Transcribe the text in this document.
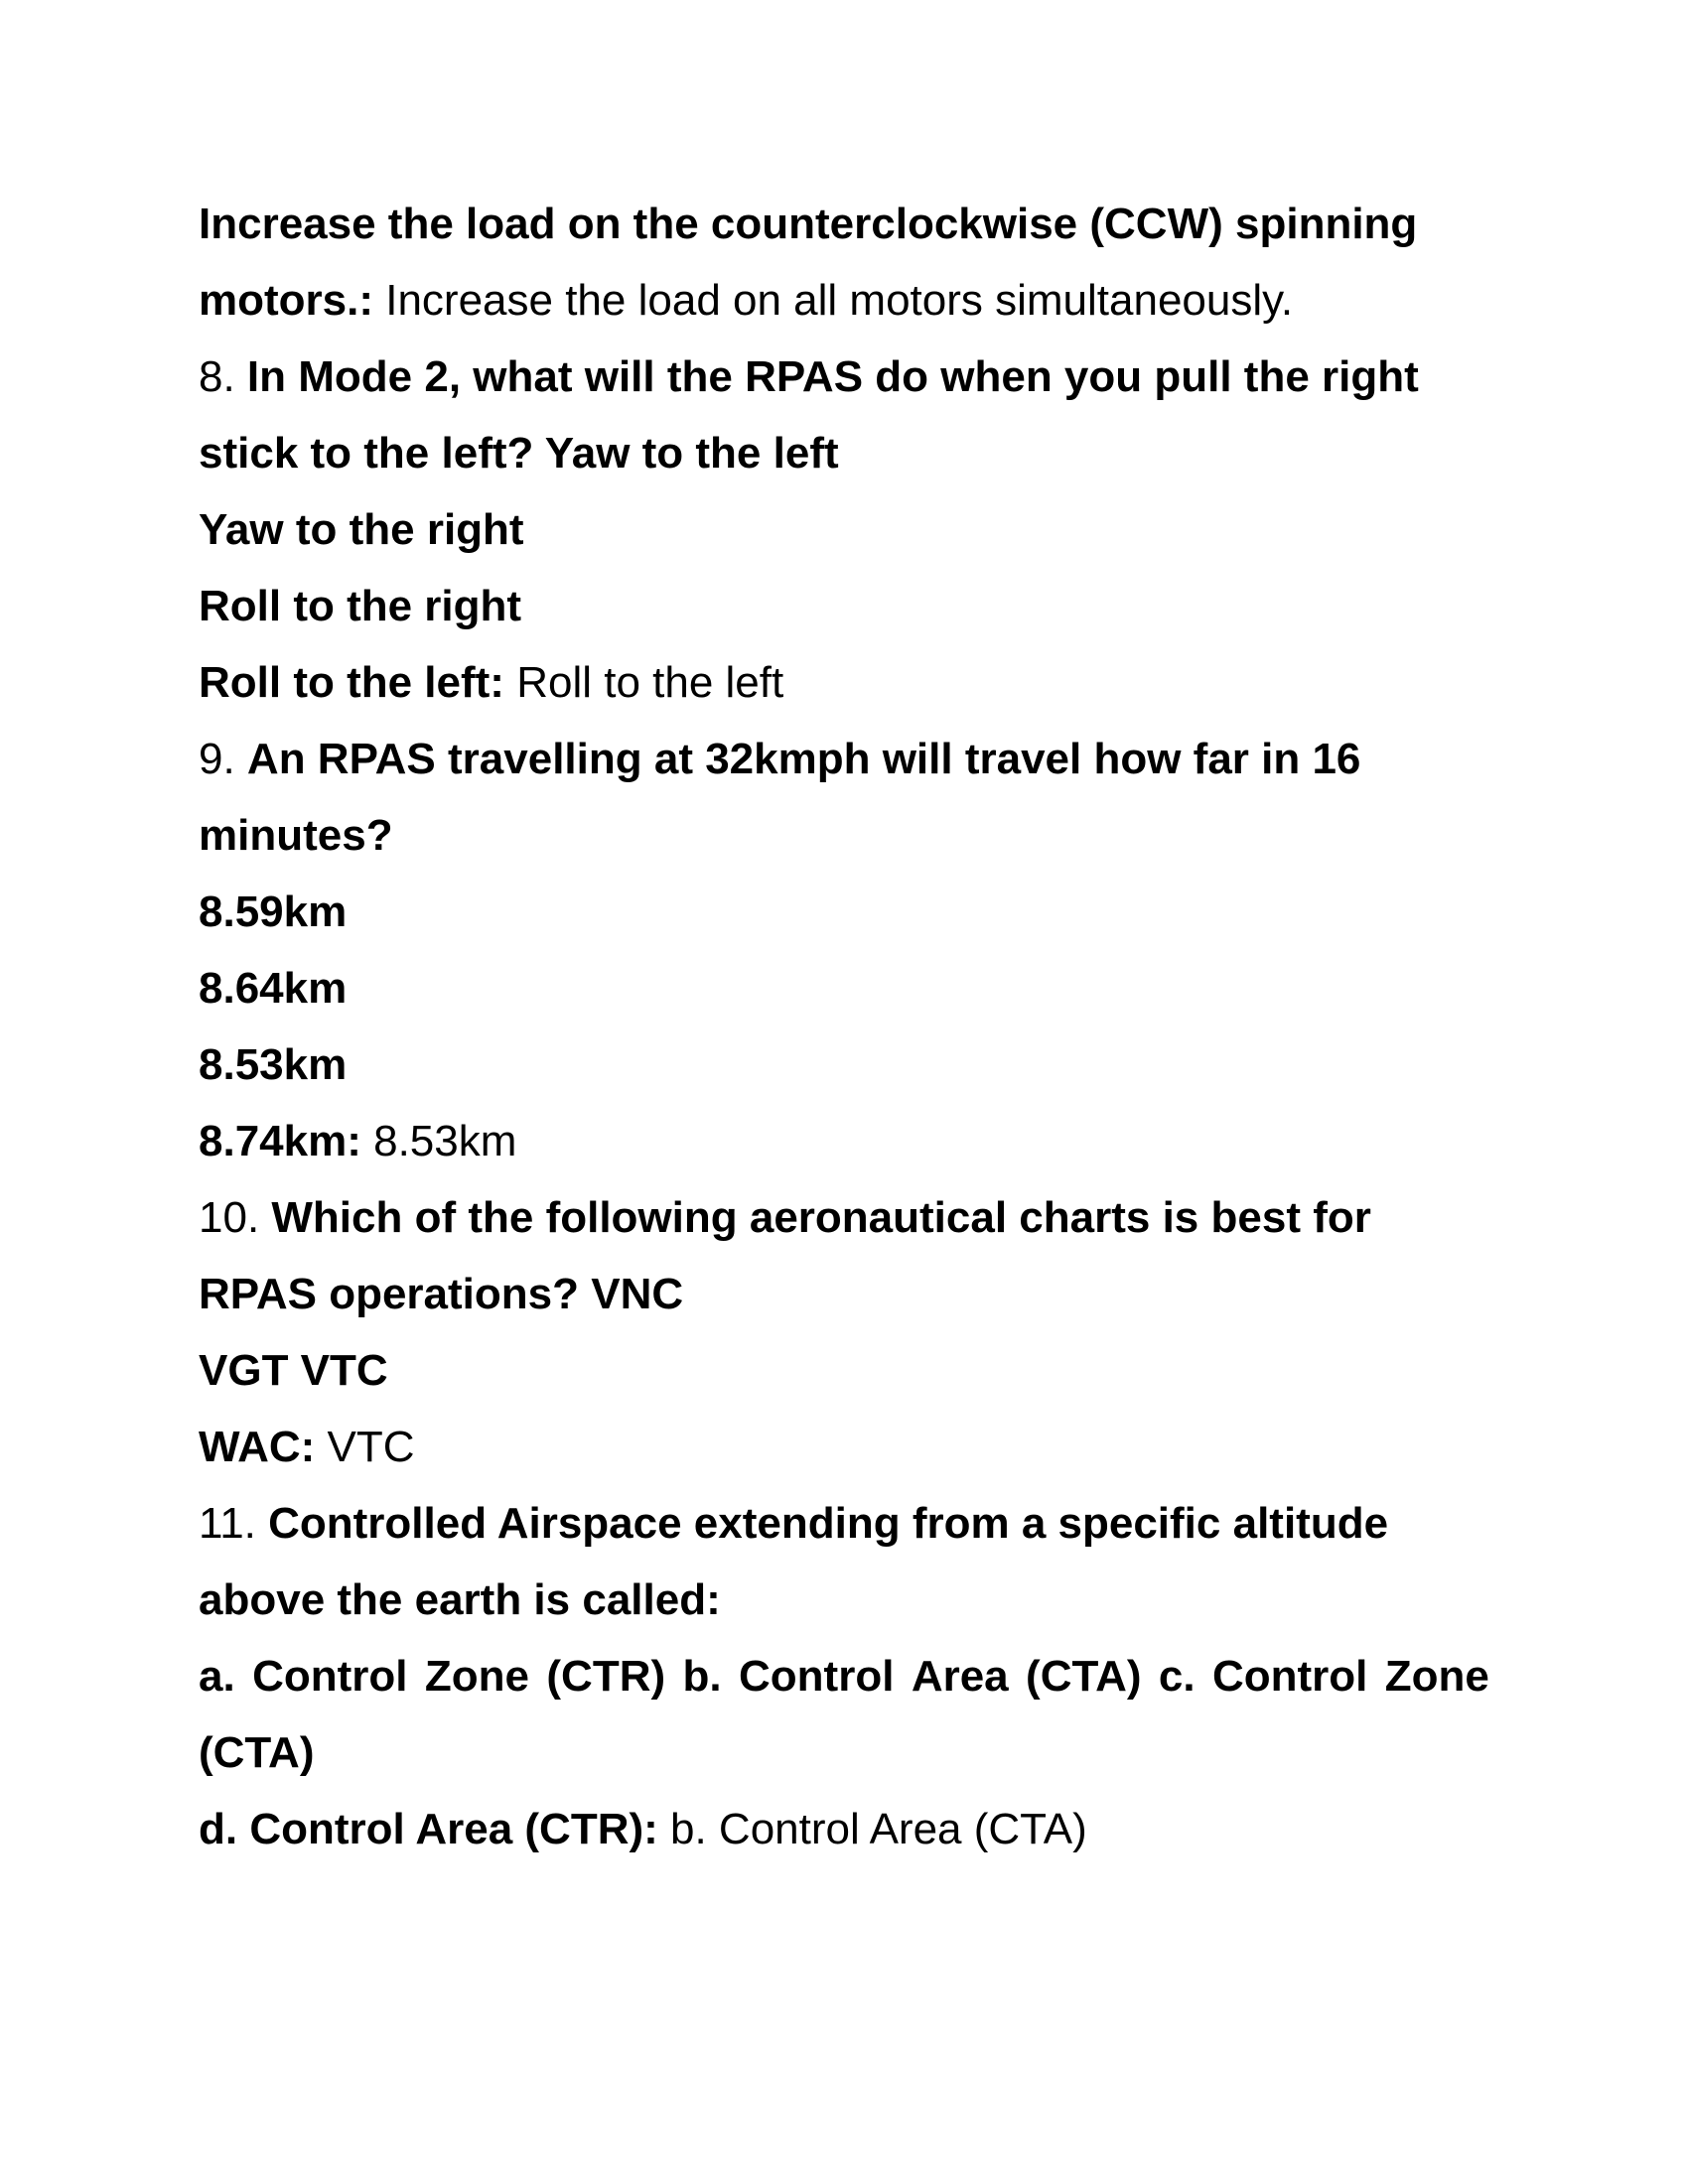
Increase the load on the counterclockwise (CCW) spinning
motors.: Increase the load on all motors simultaneously.
8. In Mode 2, what will the RPAS do when you pull the right
stick to the left? Yaw to the left
Yaw to the right
Roll to the right
Roll to the left: Roll to the left
9. An RPAS travelling at 32kmph will travel how far in 16
minutes?
8.59km
8.64km
8.53km
8.74km: 8.53km
10. Which of the following aeronautical charts is best for
RPAS operations? VNC
VGT VTC
WAC: VTC
11. Controlled Airspace extending from a specific altitude
above the earth is called:
a. Control Zone (CTR) b. Control Area (CTA) c. Control Zone
(CTA)
d. Control Area (CTR): b. Control Area (CTA)
